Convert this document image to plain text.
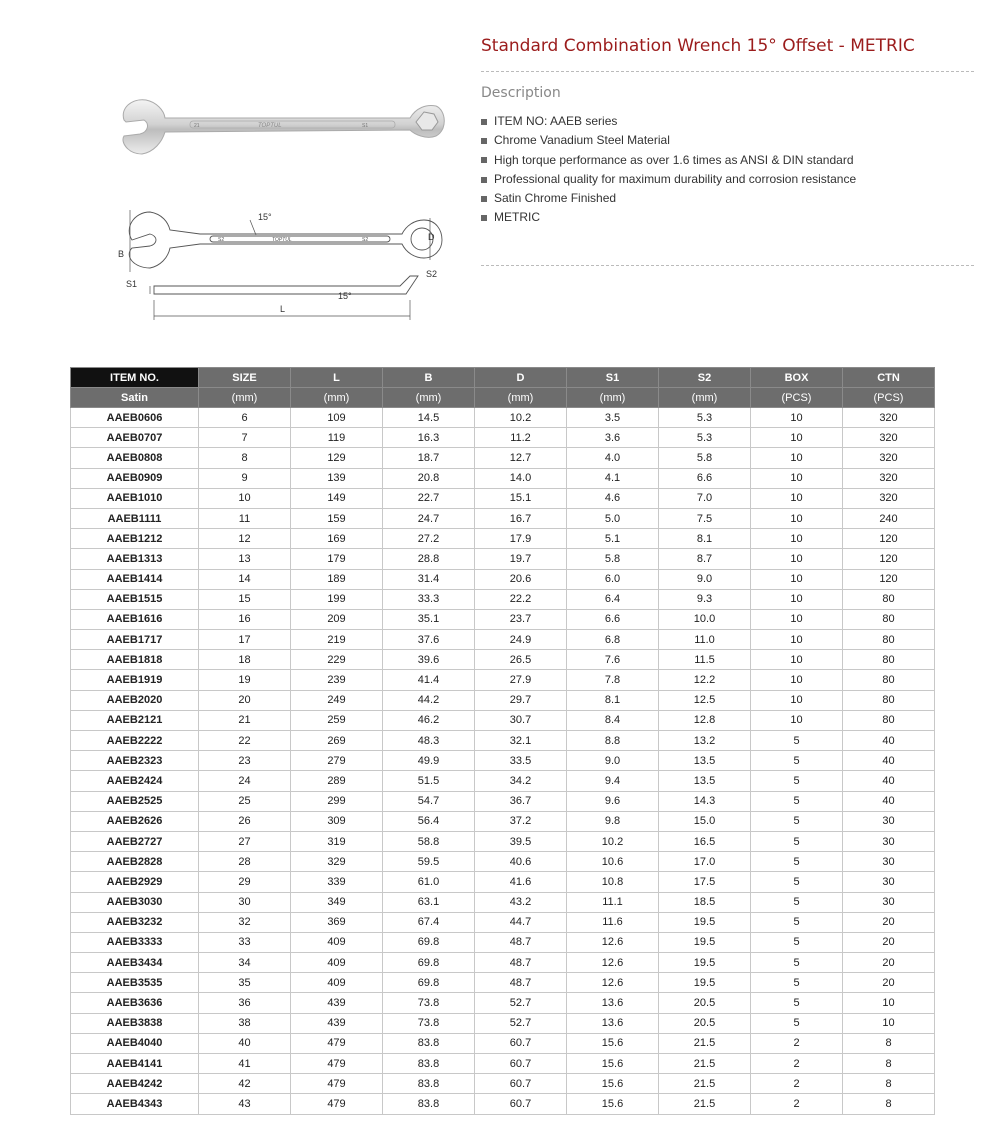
21	TOPTUL	S1
15°
B
D
S1
S2
15°
L
TOPTUL
S2	S2
Standard Combination Wrench 15° Offset - METRIC
Description
ITEM NO: AAEB series
Chrome Vanadium Steel Material
High torque performance as over 1.6 times as ANSI & DIN standard
Professional quality for maximum durability and corrosion resistance
Satin Chrome Finished
METRIC
ITEM NO.	SIZE	L	B	D	S1	S2	BOX	CTN
Satin	(mm)	(mm)	(mm)	(mm)	(mm)	(mm)	(PCS)	(PCS)
AAEB0606	6	109	14.5	10.2	3.5	5.3	10	320
AAEB0707	7	119	16.3	11.2	3.6	5.3	10	320
AAEB0808	8	129	18.7	12.7	4.0	5.8	10	320
AAEB0909	9	139	20.8	14.0	4.1	6.6	10	320
AAEB1010	10	149	22.7	15.1	4.6	7.0	10	320
AAEB1111	11	159	24.7	16.7	5.0	7.5	10	240
AAEB1212	12	169	27.2	17.9	5.1	8.1	10	120
AAEB1313	13	179	28.8	19.7	5.8	8.7	10	120
AAEB1414	14	189	31.4	20.6	6.0	9.0	10	120
AAEB1515	15	199	33.3	22.2	6.4	9.3	10	80
AAEB1616	16	209	35.1	23.7	6.6	10.0	10	80
AAEB1717	17	219	37.6	24.9	6.8	11.0	10	80
AAEB1818	18	229	39.6	26.5	7.6	11.5	10	80
AAEB1919	19	239	41.4	27.9	7.8	12.2	10	80
AAEB2020	20	249	44.2	29.7	8.1	12.5	10	80
AAEB2121	21	259	46.2	30.7	8.4	12.8	10	80
AAEB2222	22	269	48.3	32.1	8.8	13.2	5	40
AAEB2323	23	279	49.9	33.5	9.0	13.5	5	40
AAEB2424	24	289	51.5	34.2	9.4	13.5	5	40
AAEB2525	25	299	54.7	36.7	9.6	14.3	5	40
AAEB2626	26	309	56.4	37.2	9.8	15.0	5	30
AAEB2727	27	319	58.8	39.5	10.2	16.5	5	30
AAEB2828	28	329	59.5	40.6	10.6	17.0	5	30
AAEB2929	29	339	61.0	41.6	10.8	17.5	5	30
AAEB3030	30	349	63.1	43.2	11.1	18.5	5	30
AAEB3232	32	369	67.4	44.7	11.6	19.5	5	20
AAEB3333	33	409	69.8	48.7	12.6	19.5	5	20
AAEB3434	34	409	69.8	48.7	12.6	19.5	5	20
AAEB3535	35	409	69.8	48.7	12.6	19.5	5	20
AAEB3636	36	439	73.8	52.7	13.6	20.5	5	10
AAEB3838	38	439	73.8	52.7	13.6	20.5	5	10
AAEB4040	40	479	83.8	60.7	15.6	21.5	2	8
AAEB4141	41	479	83.8	60.7	15.6	21.5	2	8
AAEB4242	42	479	83.8	60.7	15.6	21.5	2	8
AAEB4343	43	479	83.8	60.7	15.6	21.5	2	8
